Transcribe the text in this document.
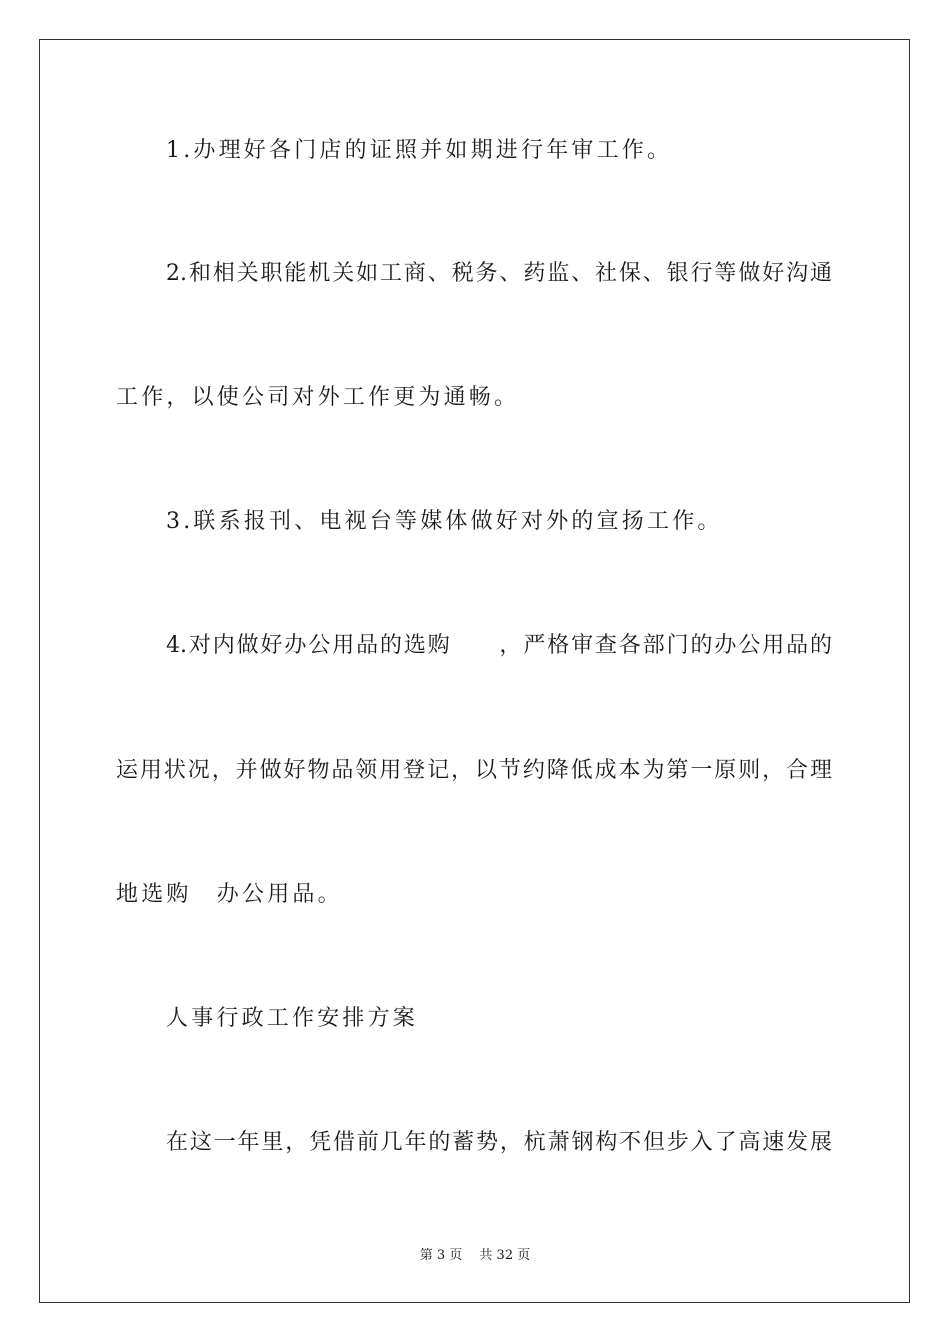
1.办理好各门店的证照并如期进行年审工作。

2.和相关职能机关如工商、税务、药监、社保、银行等做好沟通

工作，以使公司对外工作更为通畅。

3.联系报刊、电视台等媒体做好对外的宣扬工作。

4.对内做好办公用品的选购　　，严格审查各部门的办公用品的

运用状况，并做好物品领用登记，以节约降低成本为第一原则，合理

地选购　办公用品。

人事行政工作安排方案

在这一年里，凭借前几年的蓄势，杭萧钢构不但步入了高速发展

第 3 页　 共 32 页
